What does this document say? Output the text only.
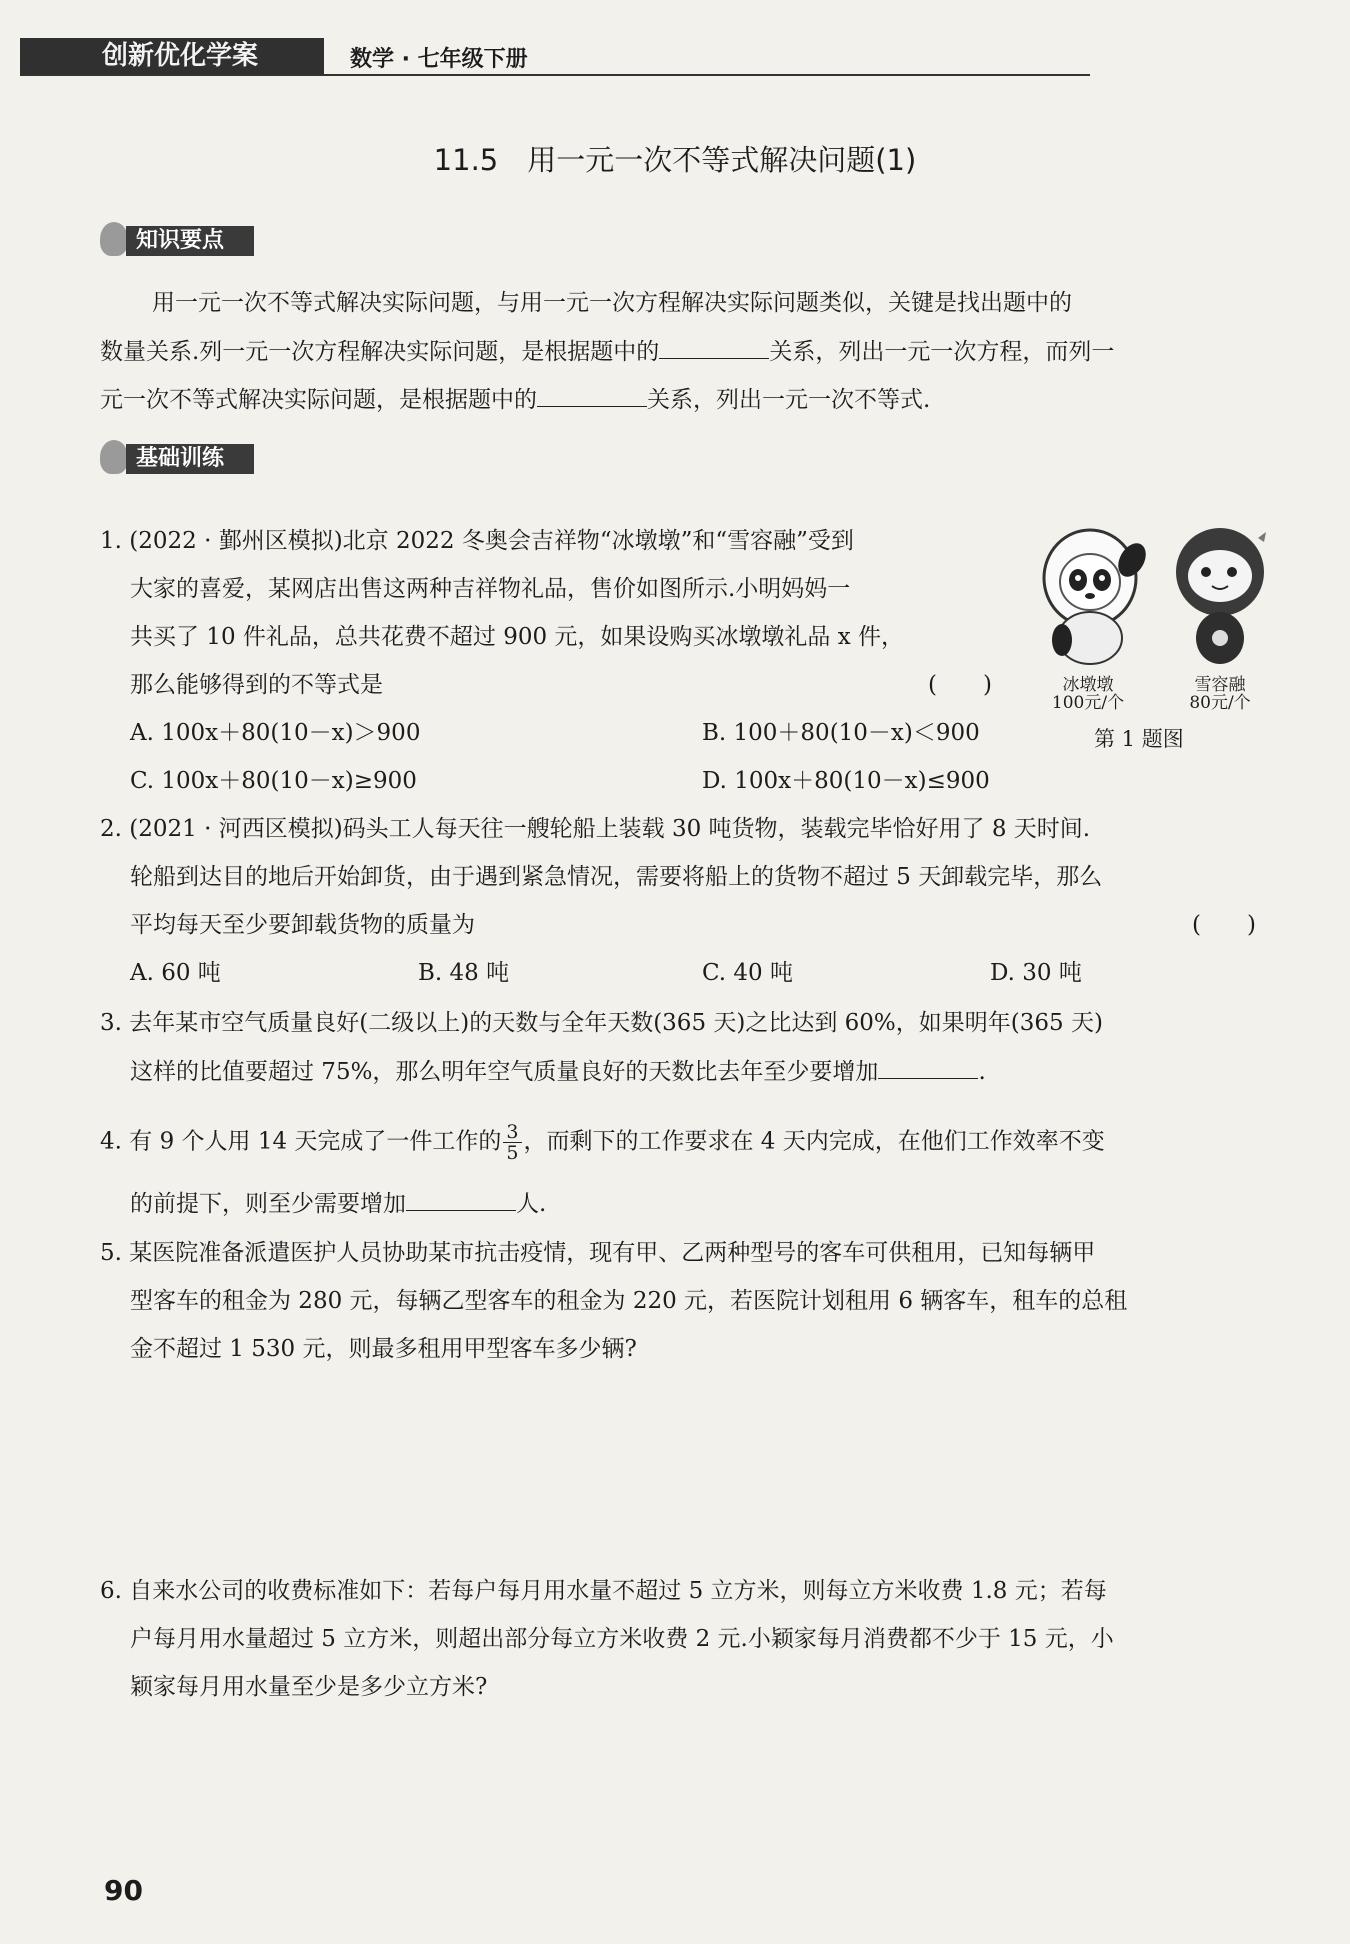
创新优化学案	数学 · 七年级下册
11.5　用一元一次不等式解决问题(1)
知识要点
用一元一次不等式解决实际问题，与用一元一次方程解决实际问题类似，关键是找出题中的
数量关系.列一元一次方程解决实际问题，是根据题中的	关系，列出一元一次方程，而列一
元一次不等式解决实际问题，是根据题中的	关系，列出一元一次不等式.
基础训练
1. (2022 · 鄞州区模拟)北京 2022 冬奥会吉祥物“冰墩墩”和“雪容融”受到
大家的喜爱，某网店出售这两种吉祥物礼品，售价如图所示.小明妈妈一
共买了 10 件礼品，总共花费不超过 900 元，如果设购买冰墩墩礼品 x 件，
那么能够得到的不等式是	(　　)
A. 100x＋80(10－x)＞900	B. 100＋80(10－x)＜900
C. 100x＋80(10－x)≥900	D. 100x＋80(10－x)≤900
冰墩墩
100元/个
雪容融
80元/个
第 1 题图
2. (2021 · 河西区模拟)码头工人每天往一艘轮船上装载 30 吨货物，装载完毕恰好用了 8 天时间.
轮船到达目的地后开始卸货，由于遇到紧急情况，需要将船上的货物不超过 5 天卸载完毕，那么
平均每天至少要卸载货物的质量为	(　　)
A. 60 吨	B. 48 吨	C. 40 吨	D. 30 吨
3. 去年某市空气质量良好(二级以上)的天数与全年天数(365 天)之比达到 60%，如果明年(365 天)
这样的比值要超过 75%，那么明年空气质量良好的天数比去年至少要增加	.
4. 有 9 个人用 14 天完成了一件工作的 $\frac{3}{5}$ ，而剩下的工作要求在 4 天内完成，在他们工作效率不变
的前提下，则至少需要增加	人.
5. 某医院准备派遣医护人员协助某市抗击疫情，现有甲、乙两种型号的客车可供租用，已知每辆甲
型客车的租金为 280 元，每辆乙型客车的租金为 220 元，若医院计划租用 6 辆客车，租车的总租
金不超过 1 530 元，则最多租用甲型客车多少辆?
6. 自来水公司的收费标准如下：若每户每月用水量不超过 5 立方米，则每立方米收费 1.8 元；若每
户每月用水量超过 5 立方米，则超出部分每立方米收费 2 元.小颖家每月消费都不少于 15 元，小
颖家每月用水量至少是多少立方米?
90
